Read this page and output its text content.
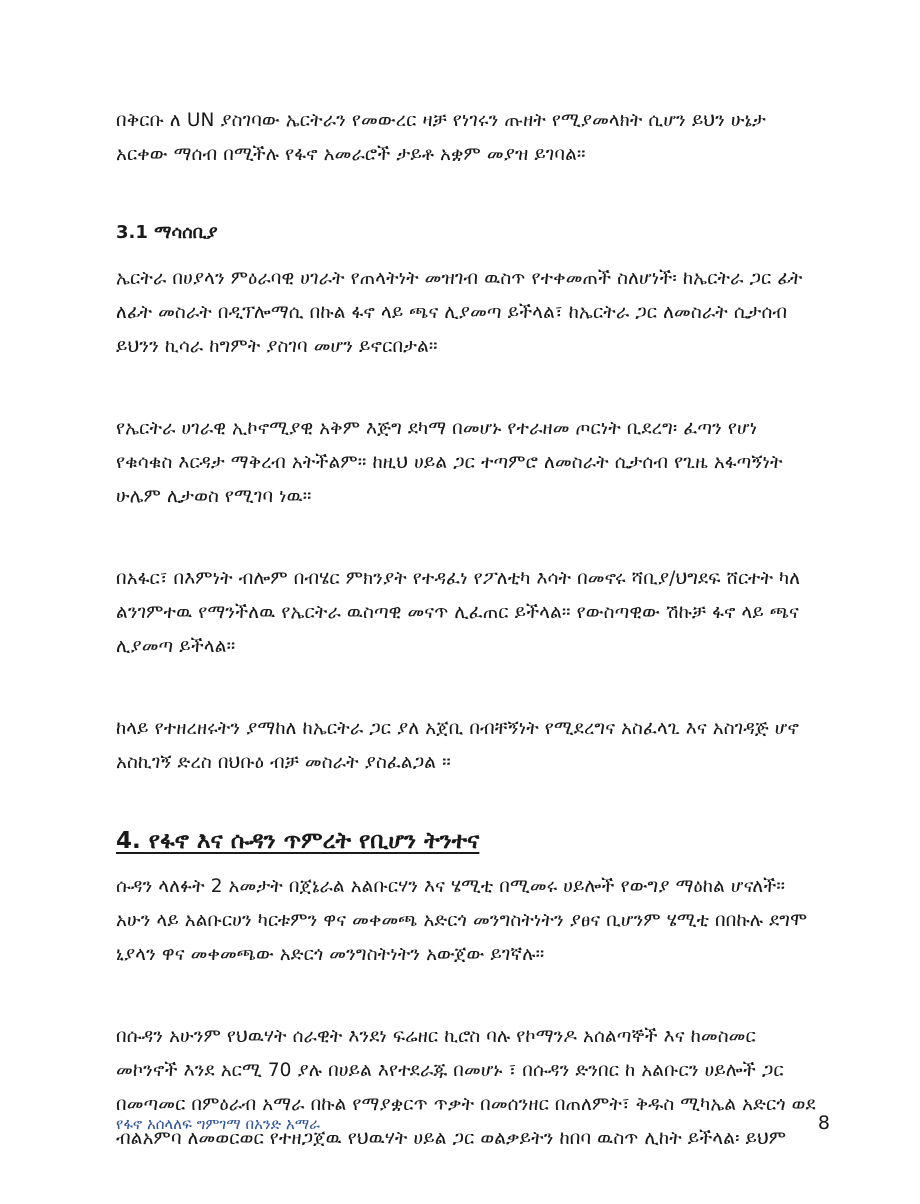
በቅርቡ ለ UN ያስገባው ኤርትራን የመውረር ዛቻ የነገሩን ጡዘት የሚያመላክት ሲሆን ይህን ሁኔታ አርቀው ማሰብ በሚችሉ የፋኖ አመራሮች ታይቶ አቋም መያዝ ይገባል።

3.1 ማሳሰቢያ

ኤርትራ በሀያላን ምዕራባዊ ሀገራት የጠላትነት መዝገብ ዉስጥ የተቀመጠች ስለሆነች፡ ከኤርትራ ጋር ፊት ለፊት መስራት በዲፕሎማሲ በኩል ፋኖ ላይ ጫና ሊያመጣ ይችላል፣ ከኤርትራ ጋር ለመስራት ሲታሰብ ይህንን ኪሳራ ከግምት ያስገባ መሆን ይኖርበታል።

የኤርትራ ሀገራዊ ኢኮኖሚያዊ አቅም እጅግ ደካማ በመሆኑ የተራዘመ ጦርነት ቢደረግ፡ ፈጣን የሆነ የቁሳቁስ እርዳታ ማቅረብ አትችልም። ከዚህ ሀይል ጋር ተጣምሮ ለመስራት ሲታሰብ የጊዜ አፋጣኝነት ሁሌም ሊታወስ የሚገባ ነዉ።

በአፋር፣ በእምነት ብሎም በብሄር ምክንያት የተዳፈነ የፖለቲካ እሳት በመኖሩ ሻቢያ/ህግደፍ ሸርተት ካለ ልንገምተዉ የማንችለዉ የኤርትራ ዉስጣዊ መናጥ ሊፈጠር ይችላል። የውስጣዊው ሽኩቻ ፋኖ ላይ ጫና ሊያመጣ ይችላል።

ከላይ የተዘረዘሩትን ያማከለ ከኤርትራ ጋር ያለ አጀቢ በብቸኝነት የሚደረግና አስፈላጊ እና አስገዳጅ ሆኖ አስኪገኝ ድረስ በህቡዕ ብቻ መስራት ያስፈልጋል ።

4. የፋኖ እና ሱዳን ጥምረት የቢሆን ትንተና

ሱዳን ላለፉት 2 አመታት በጀኔራል አልቡርሃን እና ሄሚቲ በሚመሩ ሀይሎች የውግያ ማዕከል ሆናለች። አሁን ላይ አልቡርሀን ካርቱምን ዋና መቀመጫ አድርጎ መንግስትነትን ያፀና ቢሆንም ሄሚቲ በበኩሉ ደግሞ ኒያላን ዋና መቀመጫው አድርጎ መንግስትነትን አውጀው ይገኛሉ።

በሱዳን አሁንም የህዉሃት ሰራዊት እንደነ ፍሬዘር ኪሮስ ባሉ የኮማንዶ አሰልጣኞች እና ከመስመር መኮንኖች እንደ አርሚ 70 ያሉ በሀይል እየተደራጁ በመሆኑ ፣ በሱዳን ድንበር ከ አልቡርን ሀይሎች ጋር በመጣመር በምዕራብ አማራ በኩል የማያቋርጥ ጥቃት በመሰንዘር በጠለምት፣ ቅዱስ ሚካኤል አድርጎ ወደ ብልአምባ ለመወርወር የተዘጋጀዉ የህዉሃት ሀይል ጋር ወልቃይትን ከበባ ዉስጥ ሊከት ይችላል፡ ይህም

የፋኖ አሰላለፍ ግምገማ በአንድ አማራ	8
